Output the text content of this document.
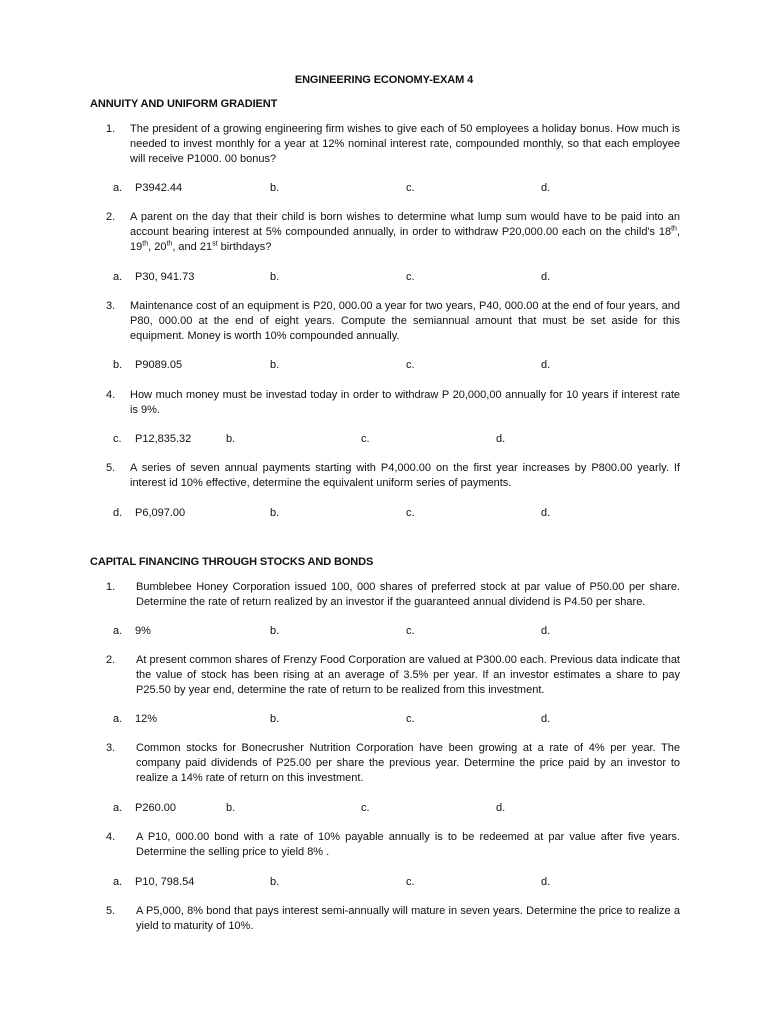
ENGINEERING ECONOMY-EXAM 4
ANNUITY AND UNIFORM GRADIENT
1. The president of a growing engineering firm wishes to give each of 50 employees a holiday bonus. How much is needed to invest monthly for a year at 12% nominal interest rate, compounded monthly, so that each employee will receive P1000. 00 bonus?
a. P3942.44	b.	c.	d.
2. A parent on the day that their child is born wishes to determine what lump sum would have to be paid into an account bearing interest at 5% compounded annually, in order to withdraw P20,000.00 each on the child's 18th, 19th, 20th, and 21st birthdays?
a. P30, 941.73	b.	c.	d.
3. Maintenance cost of an equipment is P20, 000.00 a year for two years, P40, 000.00 at the end of four years, and P80, 000.00 at the end of eight years. Compute the semiannual amount that must be set aside for this equipment. Money is worth 10% compounded annually.
b. P9089.05	b.	c.	d.
4. How much money must be investad today in order to withdraw P 20,000,00 annually for 10 years if interest rate is 9%.
c. P12,835.32	b.	c.	d.
5. A series of seven annual payments starting with P4,000.00 on the first year increases by P800.00 yearly. If interest id 10% effective, determine the equivalent uniform series of payments.
d. P6,097.00	b.	c.	d.
CAPITAL FINANCING THROUGH STOCKS AND BONDS
1. Bumblebee Honey Corporation issued 100, 000 shares of preferred stock at par value of P50.00 per share. Determine the rate of return realized by an investor if the guaranteed annual dividend is P4.50 per share.
a. 9%	b.	c.	d.
2. At present common shares of Frenzy Food Corporation are valued at P300.00 each. Previous data indicate that the value of stock has been rising at an average of 3.5% per year. If an investor estimates a share to pay P25.50 by year end, determine the rate of return to be realized from this investment.
a. 12%	b.	c.	d.
3. Common stocks for Bonecrusher Nutrition Corporation have been growing at a rate of 4% per year. The company paid dividends of P25.00 per share the previous year. Determine the price paid by an investor to realize a 14% rate of return on this investment.
a. P260.00	b.	c.	d.
4. A P10, 000.00 bond with a rate of 10% payable annually is to be redeemed at par value after five years. Determine the selling price to yield 8% .
a. P10, 798.54	b.	c.	d.
5. A P5,000, 8% bond that pays interest semi-annually will mature in seven years. Determine the price to realize a yield to maturity of 10%.
